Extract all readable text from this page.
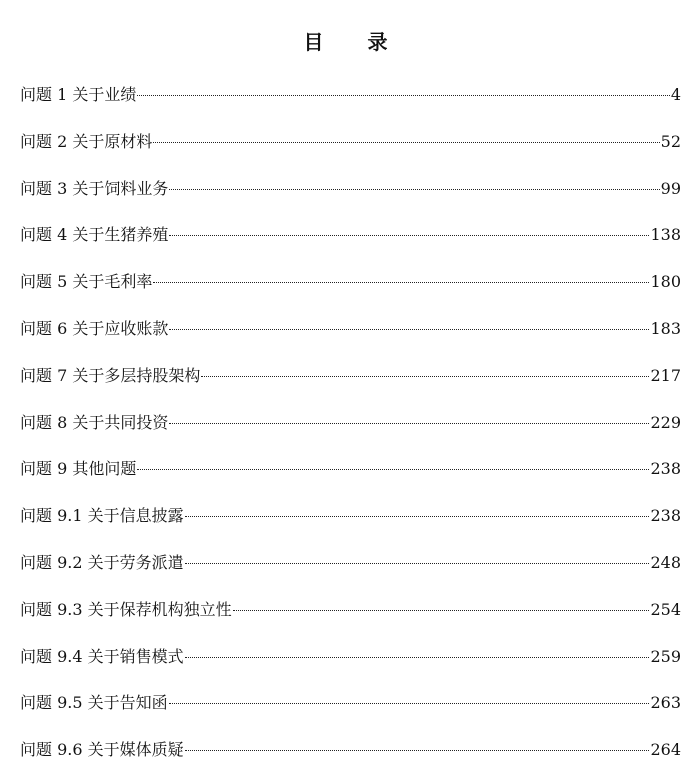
目　录
问题 1 关于业绩	4
问题 2 关于原材料	52
问题 3 关于饲料业务	99
问题 4 关于生猪养殖	138
问题 5 关于毛利率	180
问题 6 关于应收账款	183
问题 7 关于多层持股架构	217
问题 8 关于共同投资	229
问题 9 其他问题	238
问题 9.1 关于信息披露	238
问题 9.2 关于劳务派遣	248
问题 9.3 关于保荐机构独立性	254
问题 9.4 关于销售模式	259
问题 9.5 关于告知函	263
问题 9.6 关于媒体质疑	264
